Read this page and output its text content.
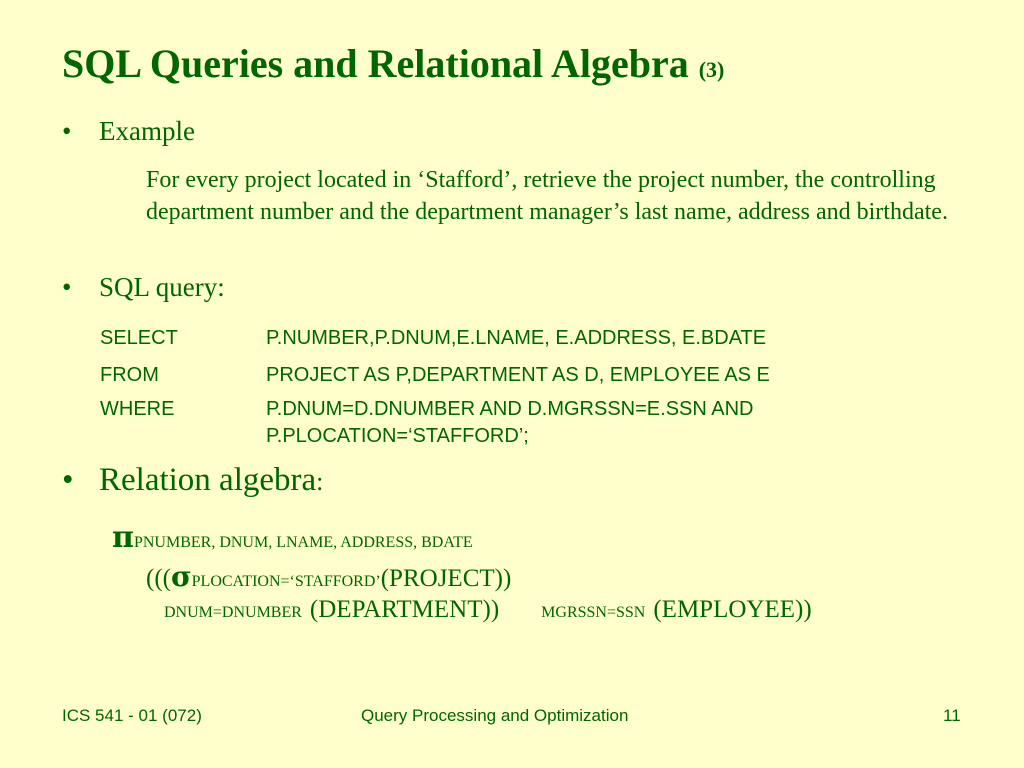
SQL Queries and Relational Algebra (3)
• Example
For every project located in ‘Stafford’, retrieve the project number, the controlling department number and the department manager’s last name, address and birthdate.
• SQL query:
SELECT	P.NUMBER,P.DNUM,E.LNAME, E.ADDRESS, E.BDATE
FROM	PROJECT AS P,DEPARTMENT AS D, EMPLOYEE AS E
WHERE	P.DNUM=D.DNUMBER AND D.MGRSSN=E.SSN AND
P.PLOCATION=‘STAFFORD’;
• Relation algebra:
πPNUMBER, DNUM, LNAME, ADDRESS, BDATE
(((σPLOCATION=‘STAFFORD’(PROJECT))
DNUM=DNUMBER (DEPARTMENT))	MGRSSN=SSN (EMPLOYEE))
ICS 541 - 01 (072)	Query Processing and Optimization	11
